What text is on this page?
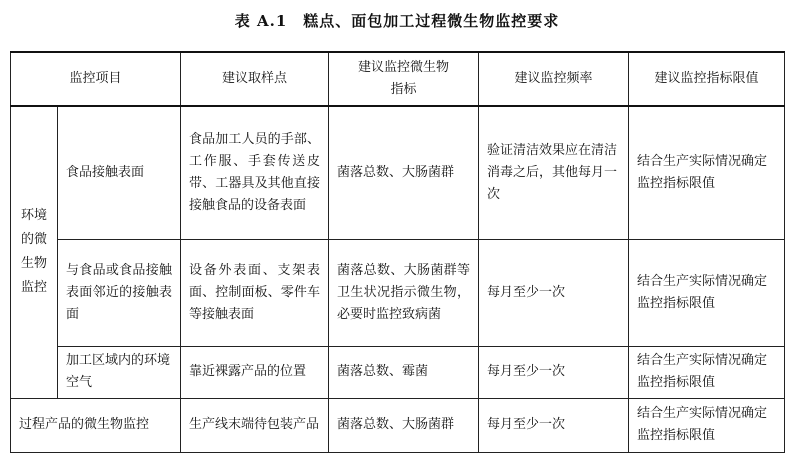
表 A.1　糕点、面包加工过程微生物监控要求
监控项目		建议取样点	建议监控微生物指标	建议监控频率	建议监控指标限值

环境的微生物监控	食品接触表面	食品加工人员的手部、工作服、手套传送皮带、工器具及其他直接接触食品的设备表面	菌落总数、大肠菌群	验证清洁效果应在清洁消毒之后，其他每月一次	结合生产实际情况确定监控指标限值
	与食品或食品接触表面邻近的接触表面	设备外表面、支架表面、控制面板、零件车等接触表面	菌落总数、大肠菌群等卫生状况指示微生物，必要时监控致病菌	每月至少一次	结合生产实际情况确定监控指标限值
	加工区域内的环境空气	靠近裸露产品的位置	菌落总数、霉菌	每月至少一次	结合生产实际情况确定监控指标限值
过程产品的微生物监控		生产线末端待包装产品	菌落总数、大肠菌群	每月至少一次	结合生产实际情况确定监控指标限值
